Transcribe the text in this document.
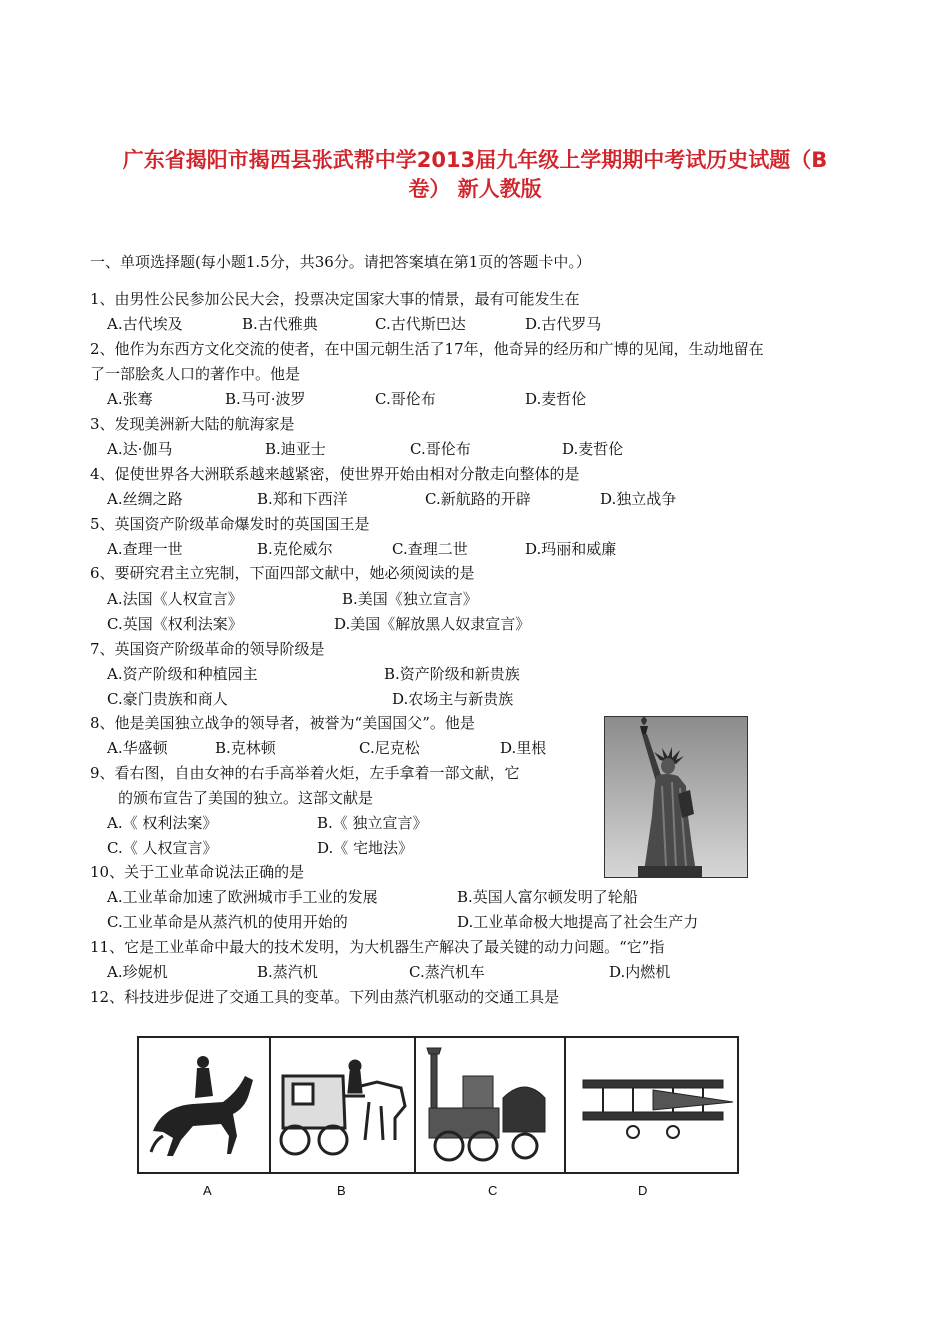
广东省揭阳市揭西县张武帮中学2013届九年级上学期期中考试历史试题（B
卷） 新人教版
一、单项选择题(每小题1.5分，共36分。请把答案填在第1页的答题卡中。）
1、由男性公民参加公民大会，投票决定国家大事的情景，最有可能发生在
A.古代埃及	B.古代雅典	C.古代斯巴达	D.古代罗马
2、他作为东西方文化交流的使者，在中国元朝生活了17年，他奇异的经历和广博的见闻，生动地留在
了一部脍炙人口的著作中。他是
A.张骞	B.马可·波罗	C.哥伦布	D.麦哲伦
3、发现美洲新大陆的航海家是
A.达·伽马	B.迪亚士	C.哥伦布	D.麦哲伦
4、促使世界各大洲联系越来越紧密，使世界开始由相对分散走向整体的是
A.丝绸之路	B.郑和下西洋	C.新航路的开辟	D.独立战争
5、英国资产阶级革命爆发时的英国国王是
A.查理一世	B.克伦威尔	C.查理二世	D.玛丽和威廉
6、要研究君主立宪制，下面四部文献中，她必须阅读的是
A.法国《人权宣言》	B.美国《独立宣言》
C.英国《权利法案》	D.美国《解放黑人奴隶宣言》
7、英国资产阶级革命的领导阶级是
A.资产阶级和种植园主	B.资产阶级和新贵族
C.豪门贵族和商人	D.农场主与新贵族
8、他是美国独立战争的领导者，被誉为“美国国父”。他是
A.华盛顿	B.克林顿	C.尼克松	D.里根
9、看右图，自由女神的右手高举着火炬，左手拿着一部文献，它
的颁布宣告了美国的独立。这部文献是
A.《 权利法案》	B.《 独立宣言》
C.《 人权宣言》	D.《 宅地法》
10、关于工业革命说法正确的是
A.工业革命加速了欧洲城市手工业的发展	B.英国人富尔顿发明了轮船
C.工业革命是从蒸汽机的使用开始的	D.工业革命极大地提高了社会生产力
11、它是工业革命中最大的技术发明，为大机器生产解决了最关键的动力问题。“它”指
A.珍妮机	B.蒸汽机	C.蒸汽机车	D.内燃机
12、科技进步促进了交通工具的变革。下列由蒸汽机驱动的交通工具是
A	B	C	D
